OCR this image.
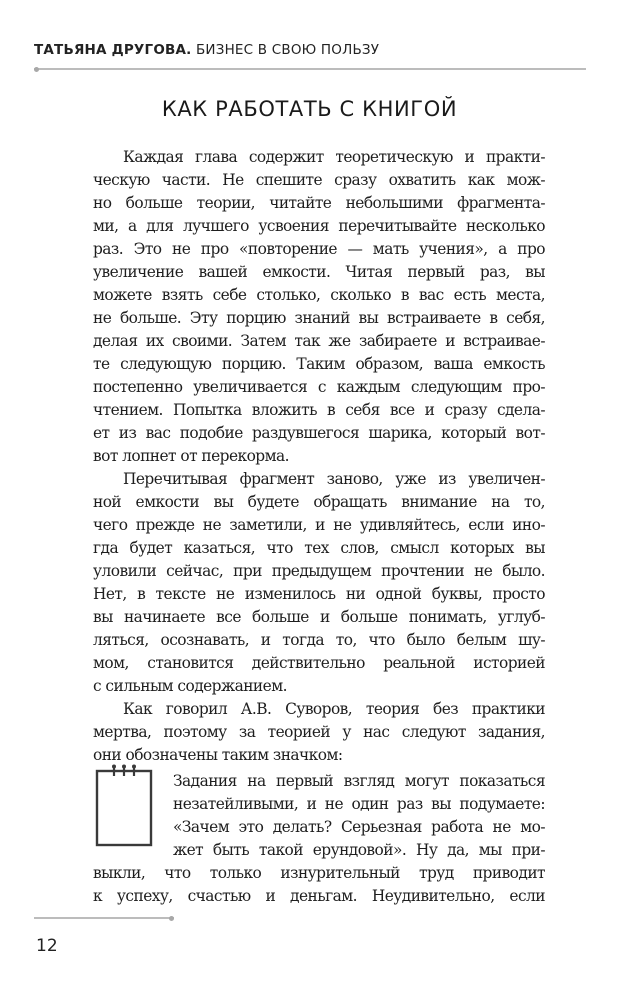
ТАТЬЯНА ДРУГОВА. БИЗНЕС В СВОЮ ПОЛЬЗУ
КАК РАБОТАТЬ С КНИГОЙ
Каждая глава содержит теоретическую и практи-
ческую части. Не спешите сразу охватить как мож-
но больше теории, читайте небольшими фрагмента-
ми, а для лучшего усвоения перечитывайте несколько
раз. Это не про «повторение — мать учения», а про
увеличение вашей емкости. Читая первый раз, вы
можете взять себе столько, сколько в вас есть места,
не больше. Эту порцию знаний вы встраиваете в себя,
делая их своими. Затем так же забираете и встраивае-
те следующую порцию. Таким образом, ваша емкость
постепенно увеличивается с каждым следующим про-
чтением. Попытка вложить в себя все и сразу сдела-
ет из вас подобие раздувшегося шарика, который вот-
вот лопнет от перекорма.
Перечитывая фрагмент заново, уже из увеличен-
ной емкости вы будете обращать внимание на то,
чего прежде не заметили, и не удивляйтесь, если ино-
гда будет казаться, что тех слов, смысл которых вы
уловили сейчас, при предыдущем прочтении не было.
Нет, в тексте не изменилось ни одной буквы, просто
вы начинаете все больше и больше понимать, углуб-
ляться, осознавать, и тогда то, что было белым шу-
мом, становится действительно реальной историей
с сильным содержанием.
Как говорил А.В. Суворов, теория без практики
мертва, поэтому за теорией у нас следуют задания,
они обозначены таким значком:
Задания на первый взгляд могут показаться
незатейливыми, и не один раз вы подумаете:
«Зачем это делать? Серьезная работа не мо-
жет быть такой ерундовой». Ну да, мы при-
выкли, что только изнурительный труд приводит
к успеху, счастью и деньгам. Неудивительно, если
12
